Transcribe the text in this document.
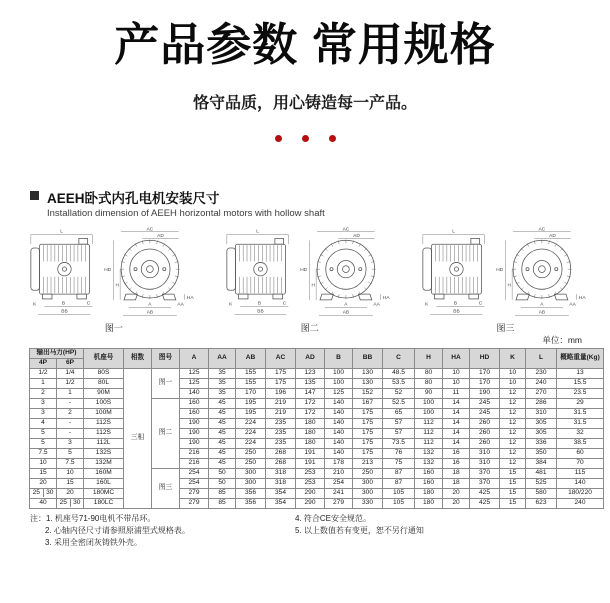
产品参数 常用规格

恪守品质，用心铸造每一产品。

AEEH卧式内孔电机安装尺寸
Installation dimension of AEEH horizontal motors with hollow shaft
L
B	C
BB
K
AC
AD
HD
H
HA
A
AB
AA
图一
L
B	C
BB
K
AC
AD
HD
H
HA
A
AB
AA
图二
L
B	C
BB
K
AC
AD
HD
H
HA
A
AB
AA
图三
单位：mm
输出马力(HP)		机座号	相数	图号	A	AA	AB	AC	AD	B	BB	C	H	HA	HD	K	L	概略重量(Kg)
4P	6P																	
1/2	1/4	80S	三相	图一	125	35	155	175	123	100	130	48.5	80	10	170	10	230	13
1	1/2	80L			125	35	155	175	135	100	130	53.5	80	10	170	10	240	15.5
2	1	90M			140	35	170	196	147	125	152	52	90	11	190	12	270	23.5
3	-	100S		图二	160	45	195	219	172	140	167	52.5	100	14	245	12	286	29
3	2	100M			160	45	195	219	172	140	175	65	100	14	245	12	310	31.5
4	-	112S			190	45	224	235	180	140	175	57	112	14	260	12	305	31.5
5	-	112S			190	45	224	235	180	140	175	57	112	14	260	12	305	32
5	3	112L			190	45	224	235	180	140	175	73.5	112	14	260	12	336	38.5
7.5	5	132S			216	45	250	268	191	140	175	76	132	16	310	12	350	60
10	7.5	132M			216	45	250	268	191	178	213	75	132	16	310	12	384	70
15	10	160M		图三	254	50	300	318	253	210	250	87	160	18	370	15	481	115
20	15	160L			254	50	300	318	253	254	300	87	160	18	370	15	525	140

25 30	20	180MC			279	85	356	354	290	241	300	105	180	20	425	15	580	180/220
40	25 30	180LC			279	85	356	354	290	279	330	105	180	20	425	15	623	240
注：1. 机座号71-90电机不带吊环。
2. 心轴内径尺寸请参照原浦型式规格表。
3. 采用全密闭灰铸铁外壳。
4. 符合CE安全规范。
5. 以上数值若有变更，恕不另行通知
